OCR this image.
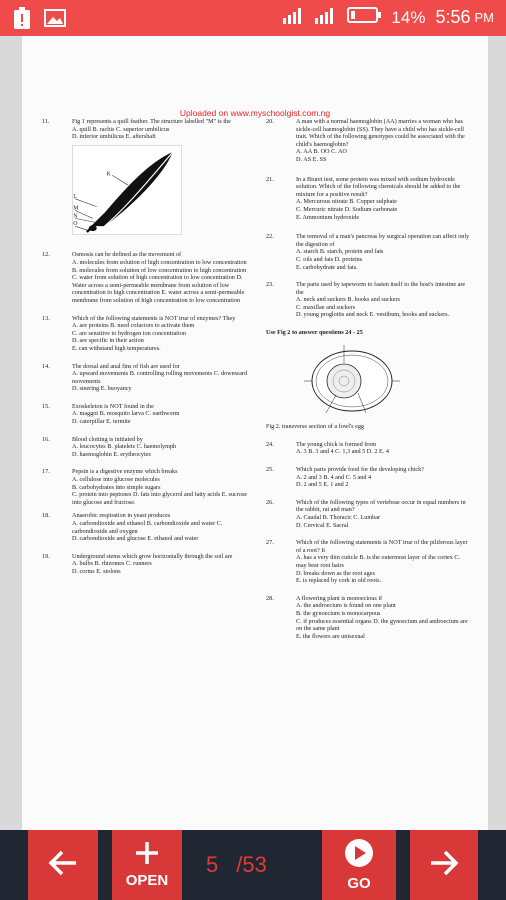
14% 5:56 PM
Uploaded on www.myschoolgist.com.ng
11.	Fig 1 represents a quill feather. The structure labelled "M" is the
A. quill B. rachis C. superior umbilicus
D. inferior umbilicus E. aftershaft
K
L
M
N
O
12.	Osmosis can be defined as the movement of
A. molecules from solution of high concentration to low concentration B. molecules from solution of low concentration to high concentration
C. water from solution of high concentration to low concentration D. Water across a semi-permeable membrane from solution of low concentration to high concentration E. water across a semi-permeable membrane from solution of high concentration to low concentration
13.	Which of the following statements is NOT true of enzymes? They
A. are proteins B. need cofactors to activate them
C. are sensitive to hydrogen ion concentration
D. are specific in their action
E. can withstand high temperatures.
14.	The dorsal and anal fins of fish are used for
A. upward movements B. controlling rolling movements C. downward movements
D. steering E. buoyancy
15.	Exoskeleton is NOT found in the
A. maggot B. mosquito larva C. earthworm
D. caterpillar E. termite
16.	Blood clotting is initiated by
A. leucocytes B. platelets C. haemolymph
D. haemoglobin E. erythrocytes
17.	Pepsin is a digestive enzyme which breaks
A. cellulose into glucose molecules
B. carbohydrates into simple sugars
C. protein into peptones D. fats into glycerol and fatty acids E. sucrose into glucose and fructose.
18.	Anaerobic respiration in yeast produces
A. carbondioxide and ethanol B. carbondioxide and water C. carbondioxide and oxygen
D. carbondioxide and glucose E. ethanol and water
19.	Underground stems which grow horizontally through the soil are
A. bulbs B. rhizomes C. runners
D. corms E. stolons
20.	A man with a normal haemoglobin (AA) marries a woman who has sickle-cell haemoglobin (SS). They have a child who has sickle-cell trait. Which of the following genotypes could be associated with the child's haemoglobin?
A. AA B. OO C. AO
D. AS E. SS
21.	In a Biuret test, some protein was mixed with sodium hydroxide solution. Which of the following chemicals should be added to the mixture for a positive result?
A. Mercurous nitrate B. Copper sulphate
C. Mercuric nitrate D. Sodium carbonate
E. Ammonium hydroxide
22.	The removal of a man's pancreas by surgical operation can affect only the digestion of
A. starch B. starch, protein and fats
C. oils and fats D. proteins
E. carbohydrate and fats.
23.	The parts used by tapeworm to fasten itself to the host's intestine are the
A. neck and suckers B. hooks and suckers
C. maxillae and suckers
D. young proglottis and neck E. vestibum, hooks and suckers.
Use Fig 2 to answer questions 24 - 25
Fig 2. transverse section of a fowl's egg
24.	The young chick is formed from
A. 3 B. 3 and 4 C. 1,3 and 5 D. 2 E. 4
25.	Which parts provide food for the developing chick?
A. 2 and 3 B. 4 and C. 5 and 4
D. 2 and 5 E. 1 and 2
26.	Which of the following types of vertebrae occur in equal numbers in the rabbit, rat and man?
A. Caudal B. Thoracic C. Lumbar
D. Cervical E. Sacral
27.	Which of the following statements is NOT true of the piliferous layer of a root? It
A. has a very thin cuticle B. is the outermost layer of the cortex C. may bear root hairs
D. breaks down as the root ages
E. is replaced by cork in old roots.
28.	A flowering plant is monoecious if
A. the androecium is found on one plant
B. the gynoecium is monocarpous
C. if produces essential organs D. the gynoecium and androecium are on the same plant
E. the flowers are unisexual
OPEN
5 /53
GO
